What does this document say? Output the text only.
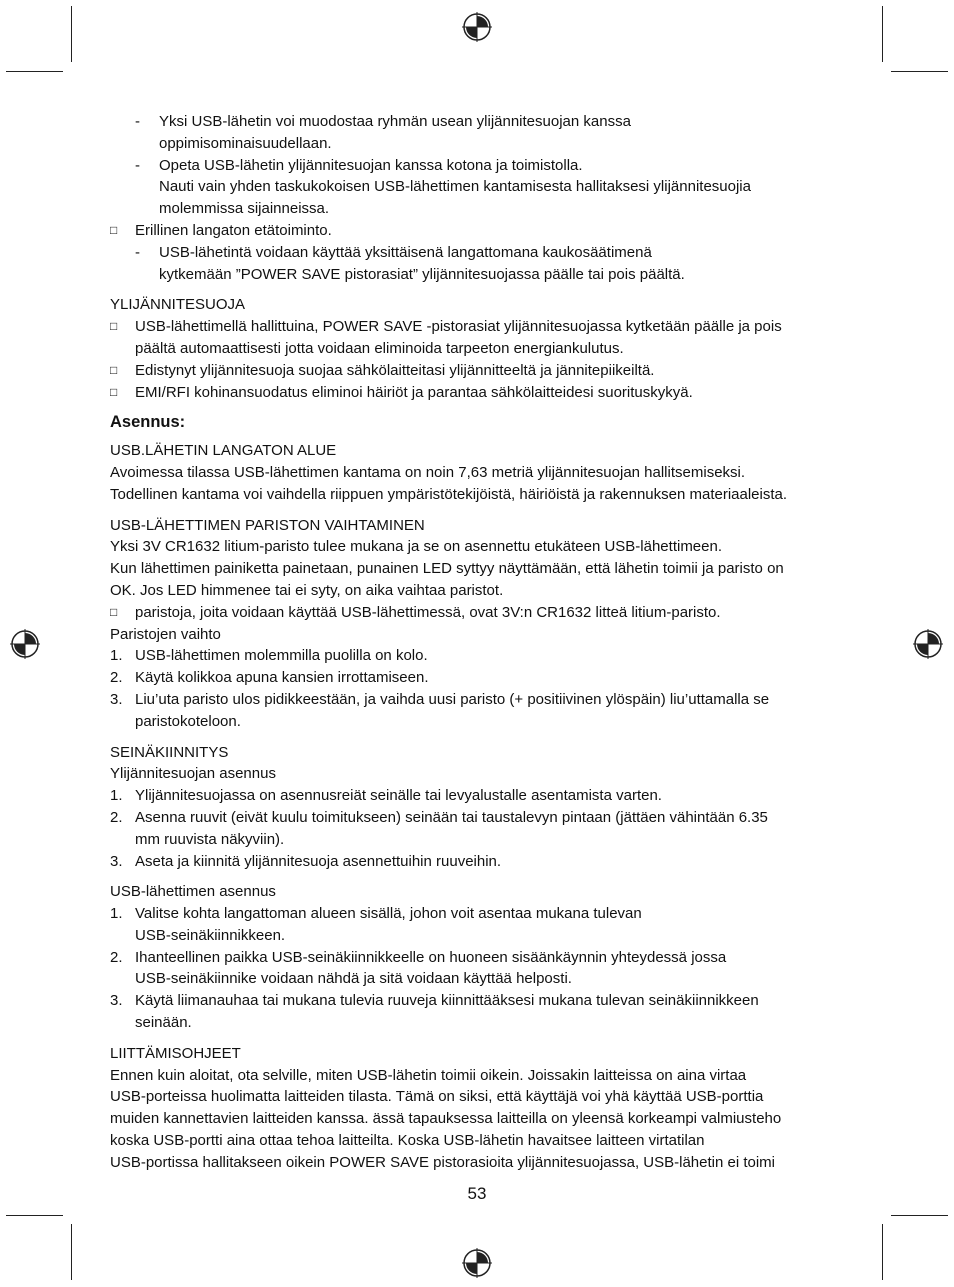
- Yksi USB-lähetin voi muodostaa ryhmän usean ylijännitesuojan kanssa
oppimisominaisuudellaan.
- Opeta USB-lähetin ylijännitesuojan kanssa kotona ja toimistolla.
Nauti vain yhden taskukokoisen USB-lähettimen kantamisesta hallitaksesi ylijännitesuojia
molemmissa sijainneissa.
□ Erillinen langaton etätoiminto.
- USB-lähetintä voidaan käyttää yksittäisenä langattomana kaukosäätimenä
kytkemään ”POWER SAVE pistorasiat” ylijännitesuojassa päälle tai pois päältä.
YLIJÄNNITESUOJA
□ USB-lähettimellä hallittuina, POWER SAVE -pistorasiat ylijännitesuojassa kytketään päälle ja pois
päältä automaattisesti jotta voidaan eliminoida tarpeeton energiankulutus.
□ Edistynyt ylijännitesuoja suojaa sähkölaitteitasi ylijännitteeltä ja jännitepiikeiltä.
□ EMI/RFI kohinansuodatus eliminoi häiriöt ja parantaa sähkölaitteidesi suorituskykyä.
Asennus:
USB.LÄHETIN LANGATON ALUE
Avoimessa tilassa USB-lähettimen kantama on noin 7,63 metriä ylijännitesuojan hallitsemiseksi.
Todellinen kantama voi vaihdella riippuen ympäristötekijöistä, häiriöistä ja rakennuksen materiaaleista.
USB-LÄHETTIMEN PARISTON VAIHTAMINEN
Yksi 3V CR1632 litium-paristo tulee mukana ja se on asennettu etukäteen USB-lähettimeen.
Kun lähettimen painiketta painetaan, punainen LED syttyy näyttämään, että lähetin toimii ja paristo on
OK. Jos LED himmenee tai ei syty, on aika vaihtaa paristot.
□ paristoja, joita voidaan käyttää USB-lähettimessä, ovat 3V:n CR1632 litteä litium-paristo.
Paristojen vaihto
1. USB-lähettimen molemmilla puolilla on kolo.
2. Käytä kolikkoa apuna kansien irrottamiseen.
3. Liu’uta paristo ulos pidikkeestään, ja vaihda uusi paristo (+ positiivinen ylöspäin) liu’uttamalla se
paristokoteloon.
SEINÄKIINNITYS
Ylijännitesuojan asennus
1. Ylijännitesuojassa on asennusreiät seinälle tai levyalustalle asentamista varten.
2. Asenna ruuvit (eivät kuulu toimitukseen) seinään tai taustalevyn pintaan (jättäen vähintään 6.35
mm ruuvista näkyviin).
3. Aseta ja kiinnitä ylijännitesuoja asennettuihin ruuveihin.
USB-lähettimen asennus
1. Valitse kohta langattoman alueen sisällä, johon voit asentaa mukana tulevan
USB-seinäkiinnikkeen.
2. Ihanteellinen paikka USB-seinäkiinnikkeelle on huoneen sisäänkäynnin yhteydessä jossa
USB-seinäkiinnike voidaan nähdä ja sitä voidaan käyttää helposti.
3. Käytä liimanauhaa tai mukana tulevia ruuveja kiinnittääksesi mukana tulevan seinäkiinnikkeen
seinään.
LIITTÄMISOHJEET
Ennen kuin aloitat, ota selville, miten USB-lähetin toimii oikein. Joissakin laitteissa on aina virtaa
USB-porteissa huolimatta laitteiden tilasta. Tämä on siksi, että käyttäjä voi yhä käyttää USB-porttia
muiden kannettavien laitteiden kanssa. ässä tapauksessa laitteilla on yleensä korkeampi valmiusteho
koska USB-portti aina ottaa tehoa laitteilta. Koska USB-lähetin havaitsee laitteen virtatilan
USB-portissa hallitakseen oikein POWER SAVE pistorasioita ylijännitesuojassa, USB-lähetin ei toimi
53
